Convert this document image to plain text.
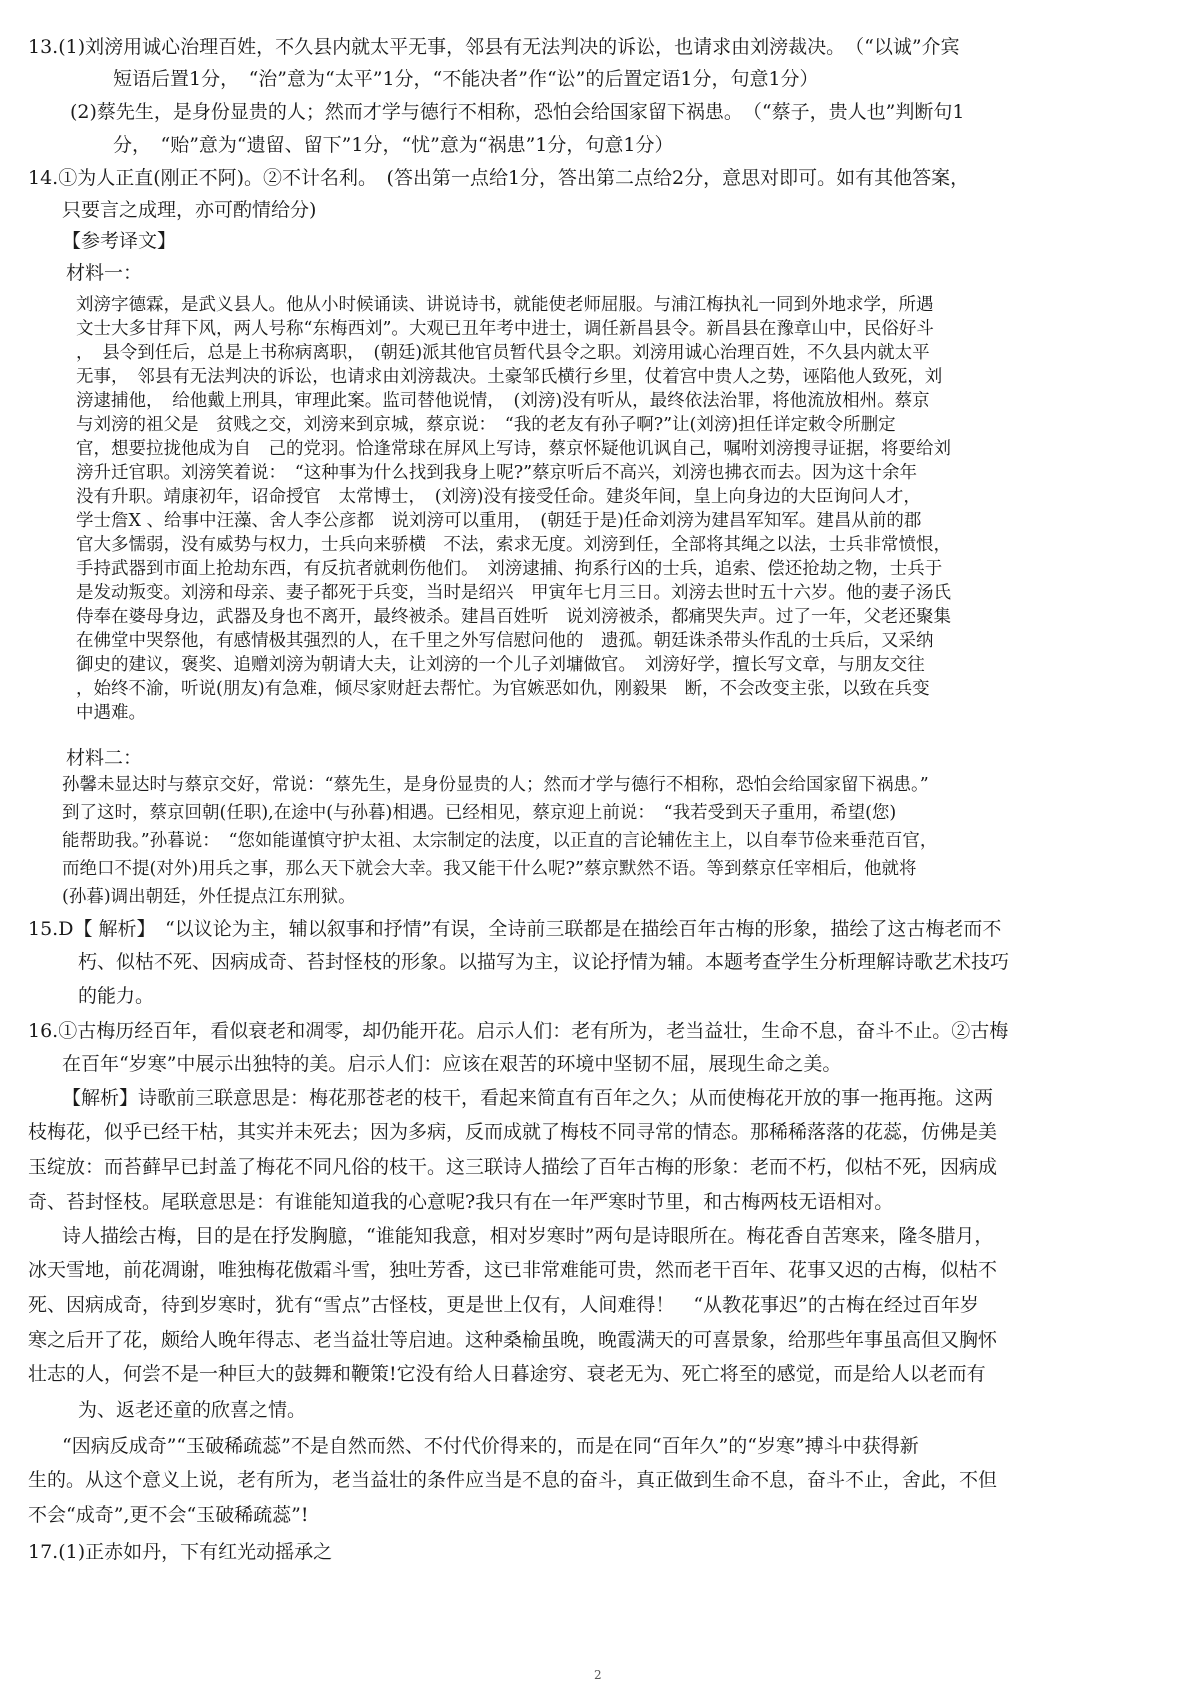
13.(1)刘滂用诚心治理百姓，不久县内就太平无事，邻县有无法判决的诉讼，也请求由刘滂裁决。　（“以诚”介宾
短语后置1分，　“治”意为“太平”1分，“不能决者”作“讼”的后置定语1分，句意1分）
(2)蔡先生，是身份显贵的人；然而才学与德行不相称，恐怕会给国家留下祸患。　（“蔡子，贵人也”判断句1
分，　“贻”意为“遗留、留下”1分，“忧”意为“祸患”1分，句意1分）
14.①为人正直(刚正不阿)。②不计名利。　(答出第一点给1分，答出第二点给2分，意思对即可。如有其他答案，
只要言之成理，亦可酌情给分)
【参考译文】
材料一：
刘滂字德霖，是武义县人。他从小时候诵读、讲说诗书，就能使老师屈服。与浦江梅执礼一同到外地求学，所遇
文士大多甘拜下风，两人号称“东梅西刘”。大观已丑年考中进士，调任新昌县令。新昌县在豫章山中，民俗好斗
，　县令到任后，总是上书称病离职，　(朝廷)派其他官员暂代县令之职。刘滂用诚心治理百姓，不久县内就太平
无事，　邻县有无法判决的诉讼，也请求由刘滂裁决。土豪邹氏横行乡里，仗着宫中贵人之势，诬陷他人致死，刘
滂逮捕他，　给他戴上刑具，审理此案。监司替他说情，　(刘滂)没有听从，最终依法治罪，将他流放相州。蔡京
与刘滂的祖父是　贫贱之交，刘滂来到京城，蔡京说：　“我的老友有孙子啊?”让(刘滂)担任详定敕令所删定
官，想要拉拢他成为自　己的党羽。恰逢常球在屏风上写诗，蔡京怀疑他讥讽自己，嘱咐刘滂搜寻证据，将要给刘
滂升迁官职。刘滂笑着说：　“这种事为什么找到我身上呢?”蔡京听后不高兴，刘滂也拂衣而去。因为这十余年
没有升职。靖康初年，诏命授官　太常博士，　(刘滂)没有接受任命。建炎年间，皇上向身边的大臣询问人才，
学士詹X 、给事中汪藻、舍人李公彦都　说刘滂可以重用，　(朝廷于是)任命刘滂为建昌军知军。建昌从前的郡
官大多懦弱，没有威势与权力，士兵向来骄横　不法，索求无度。刘滂到任，全部将其绳之以法，士兵非常愤恨，
手持武器到市面上抢劫东西，有反抗者就刺伤他们。　刘滂逮捕、拘系行凶的士兵，追索、偿还抢劫之物，士兵于
是发动叛变。刘滂和母亲、妻子都死于兵变，当时是绍兴　甲寅年七月三日。刘滂去世时五十六岁。他的妻子汤氏
侍奉在婆母身边，武器及身也不离开，最终被杀。建昌百姓听　说刘滂被杀，都痛哭失声。过了一年，父老还聚集
在佛堂中哭祭他，有感情极其强烈的人，在千里之外写信慰问他的　遗孤。朝廷诛杀带头作乱的士兵后，又采纳
御史的建议，褒奖、追赠刘滂为朝请大夫，让刘滂的一个儿子刘墉做官。　刘滂好学，擅长写文章，与朋友交往
，始终不渝，听说(朋友)有急难，倾尽家财赶去帮忙。为官嫉恶如仇，刚毅果　断，不会改变主张，以致在兵变
中遇难。
材料二：
孙馨未显达时与蔡京交好，常说：“蔡先生，是身份显贵的人；然而才学与德行不相称，恐怕会给国家留下祸患。”
到了这时，蔡京回朝(任职),在途中(与孙暮)相遇。已经相见，蔡京迎上前说：　“我若受到天子重用，希望(您)
能帮助我。”孙暮说：　“您如能谨慎守护太祖、太宗制定的法度，以正直的言论辅佐主上，以自奉节俭来垂范百官，
而绝口不提(对外)用兵之事，那么天下就会大幸。我又能干什么呢?”蔡京默然不语。等到蔡京任宰相后，他就将
(孙暮)调出朝廷，外任提点江东刑狱。
15.D【 解析】　“以议论为主，辅以叙事和抒情”有误，全诗前三联都是在描绘百年古梅的形象，描绘了这古梅老而不
朽、似枯不死、因病成奇、苔封怪枝的形象。以描写为主，议论抒情为辅。本题考查学生分析理解诗歌艺术技巧
的能力。
16.①古梅历经百年，看似衰老和凋零，却仍能开花。启示人们：老有所为，老当益壮，生命不息，奋斗不止。②古梅
在百年“岁寒”中展示出独特的美。启示人们：应该在艰苦的环境中坚韧不屈，展现生命之美。
【解析】诗歌前三联意思是：梅花那苍老的枝干，看起来简直有百年之久；从而使梅花开放的事一拖再拖。这两
枝梅花，似乎已经干枯，其实并未死去；因为多病，反而成就了梅枝不同寻常的情态。那稀稀落落的花蕊，仿佛是美
玉绽放：而苔藓早已封盖了梅花不同凡俗的枝干。这三联诗人描绘了百年古梅的形象：老而不朽，似枯不死，因病成
奇、苔封怪枝。尾联意思是：有谁能知道我的心意呢?我只有在一年严寒时节里，和古梅两枝无语相对。
诗人描绘古梅，目的是在抒发胸臆，“谁能知我意，相对岁寒时”两句是诗眼所在。梅花香自苦寒来，隆冬腊月，
冰天雪地，前花凋谢，唯独梅花傲霜斗雪，独吐芳香，这已非常难能可贵，然而老干百年、花事又迟的古梅，似枯不
死、因病成奇，待到岁寒时，犹有“雪点”古怪枝，更是世上仅有，人间难得！　“从教花事迟”的古梅在经过百年岁
寒之后开了花，颇给人晚年得志、老当益壮等启迪。这种桑榆虽晚，晚霞满天的可喜景象，给那些年事虽高但又胸怀
壮志的人，何尝不是一种巨大的鼓舞和鞭策!它没有给人日暮途穷、衰老无为、死亡将至的感觉，而是给人以老而有
为、返老还童的欣喜之情。
“因病反成奇”“玉破稀疏蕊”不是自然而然、不付代价得来的，而是在同“百年久”的“岁寒”搏斗中获得新
生的。从这个意义上说，老有所为，老当益壮的条件应当是不息的奋斗，真正做到生命不息，奋斗不止，舍此，不但
不会“成奇”,更不会“玉破稀疏蕊”!
17.(1)正赤如丹，下有红光动摇承之
2
